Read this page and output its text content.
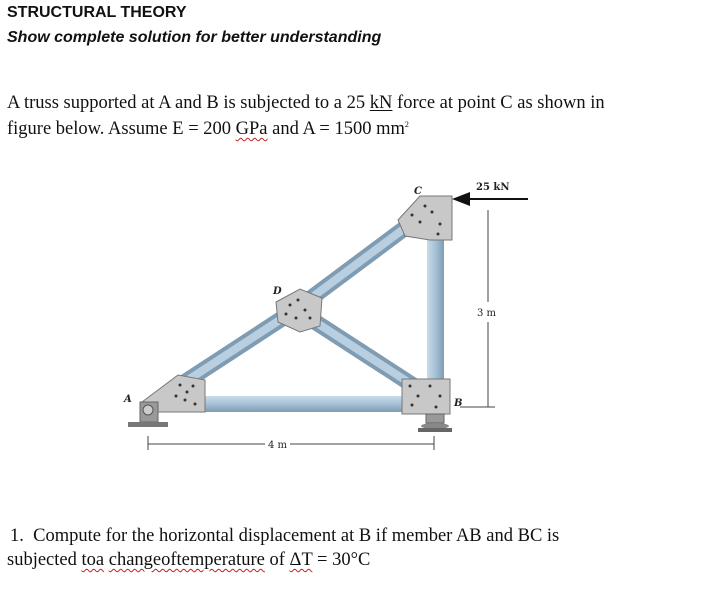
STRUCTURAL THEORY
Show complete solution for better understanding
A truss supported at A and B is subjected to a 25 kN force at point C as shown in
figure below. Assume E = 200 GPa and A = 1500 $mm^2$
C
D
A	B
25 kN
3 m
4 m
1. Compute for the horizontal displacement at B if member AB and BC is
subjected toa changeoftemperature of ΔT = 30°C
